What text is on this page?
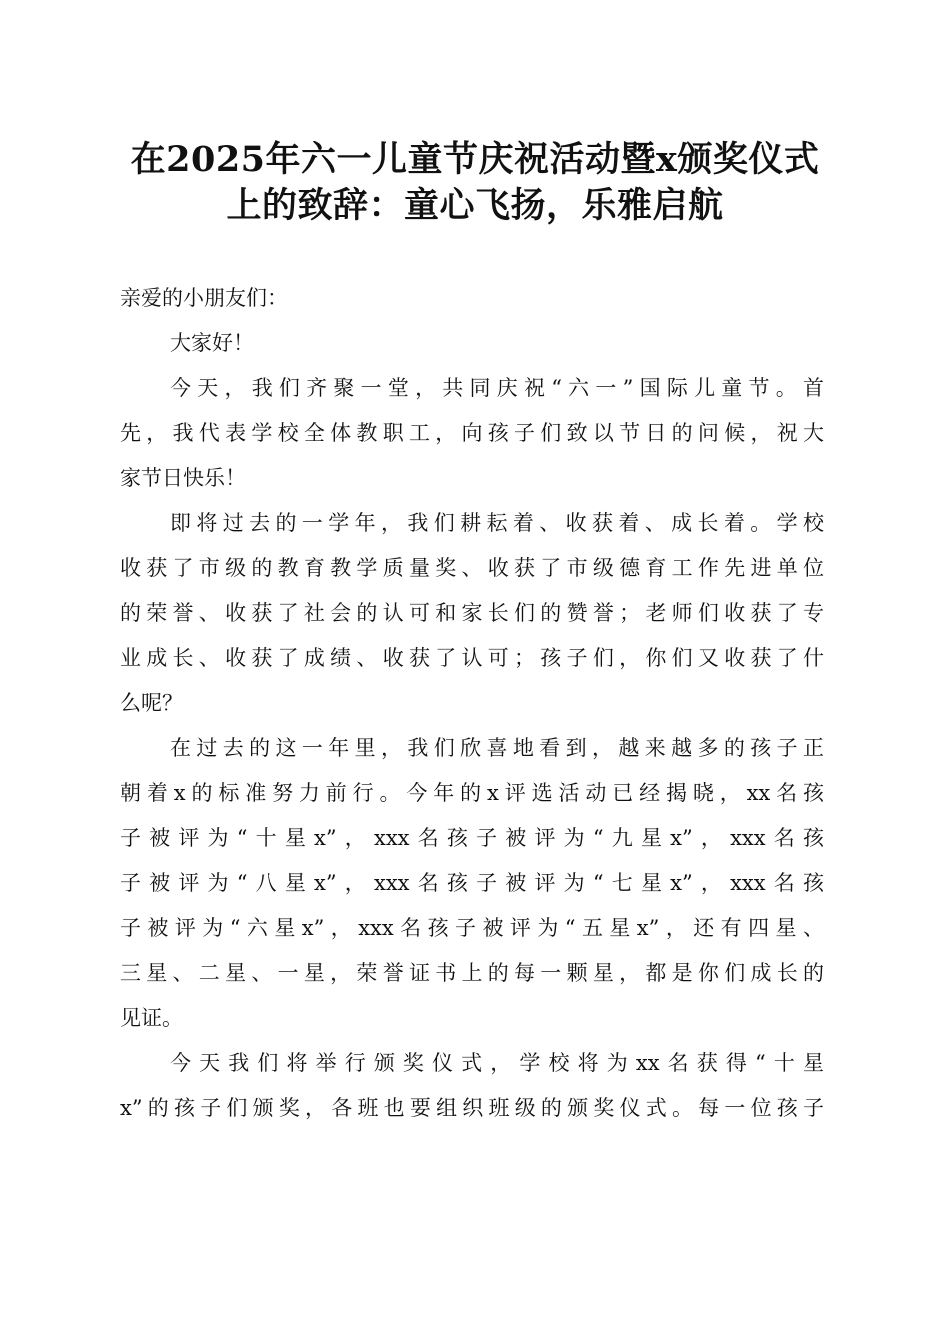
在2025年六一儿童节庆祝活动暨x颁奖仪式
上的致辞：童心飞扬，乐雅启航
亲爱的小朋友们：
大家好！
今天，我们齐聚一堂，共同庆祝“六一”国际儿童节。首
先，我代表学校全体教职工，向孩子们致以节日的问候，祝大
家节日快乐！
即将过去的一学年，我们耕耘着、收获着、成长着。学校
收获了市级的教育教学质量奖、收获了市级德育工作先进单位
的荣誉、收获了社会的认可和家长们的赞誉；老师们收获了专
业成长、收获了成绩、收获了认可；孩子们，你们又收获了什
么呢？
在过去的这一年里，我们欣喜地看到，越来越多的孩子正
朝着x的标准努力前行。今年的x评选活动已经揭晓，xx名孩
子被评为“十星x”，xxx名孩子被评为“九星x”，xxx名孩
子被评为“八星x”，xxx名孩子被评为“七星x”，xxx名孩
子被评为“六星x”，xxx名孩子被评为“五星x”，还有四星、
三星、二星、一星，荣誉证书上的每一颗星，都是你们成长的
见证。
今天我们将举行颁奖仪式，学校将为xx名获得“十星
x”的孩子们颁奖，各班也要组织班级的颁奖仪式。每一位孩子
